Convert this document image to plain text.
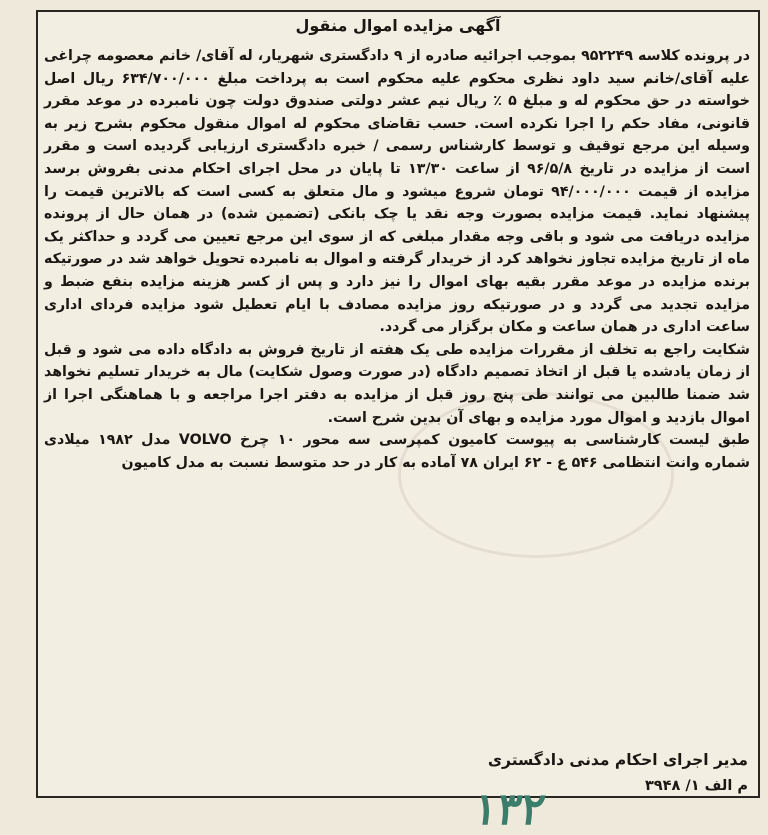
آگهی مزایده اموال منقول

در پرونده کلاسه ۹۵۲۲۴۹ بموجب اجرائیه صادره از ۹ دادگستری شهریار، له آقای/ خانم معصومه چراغی علیه آقای/خانم سید داود نظری محکوم علیه محکوم است به پرداخت مبلغ ۶۳۴/۷۰۰/۰۰۰ ریال اصل خواسته در حق محکوم له و مبلغ ۵ ٪ ریال نیم عشر دولتی صندوق دولت چون نامبرده در موعد مقرر قانونی، مفاد حکم را اجرا نکرده است. حسب تقاضای محکوم له اموال منقول محکوم بشرح زیر به وسیله این مرجع توقیف و توسط کارشناس رسمی / خبره دادگستری ارزیابی گردیده است و مقرر است از مزایده در تاریخ ۹۶/۵/۸ از ساعت ۱۳/۳۰ تا پایان در محل اجرای احکام مدنی بفروش برسد مزایده از قیمت ۹۴/۰۰۰/۰۰۰ تومان شروع میشود و مال متعلق به کسی است که بالاترین قیمت را پیشنهاد نماید. قیمت مزایده بصورت وجه نقد یا چک بانکی (تضمین شده) در همان حال از پرونده مزایده دریافت می شود و باقی وجه مقدار مبلغی که از سوی این مرجع تعیین می گردد و حداکثر یک ماه از تاریخ مزایده تجاوز نخواهد کرد از خریدار گرفته و اموال به نامبرده تحویل خواهد شد در صورتیکه برنده مزایده در موعد مقرر بقیه بهای اموال را نیز دارد و پس از کسر هزینه مزایده بنفع ضبط و مزایده تجدید می گردد و در صورتیکه روز مزایده مصادف با ایام تعطیل شود مزایده فردای اداری ساعت اداری در همان ساعت و مکان برگزار می گردد.

شکایت راجع به تخلف از مقررات مزایده طی یک هفته از تاریخ فروش به دادگاه داده می شود و قبل از زمان یادشده یا قبل از اتخاذ تصمیم دادگاه (در صورت وصول شکایت) مال به خریدار تسلیم نخواهد شد ضمنا طالبین می توانند طی پنج روز قبل از مزایده به دفتر اجرا مراجعه و با هماهنگی اجرا از اموال بازدید و اموال مورد مزایده و بهای آن بدین شرح است.

طبق لیست کارشناسی به پیوست کامیون کمپرسی سه محور ۱۰ چرخ VOLVO مدل ۱۹۸۲ میلادی شماره وانت انتظامی ۵۴۶ ع - ۶۲ ایران ۷۸ آماده به کار در حد متوسط نسبت به مدل کامیون

مدیر اجرای احکام مدنی دادگستری
م الف ۱/ ۳۹۴۸
۱۳۲
